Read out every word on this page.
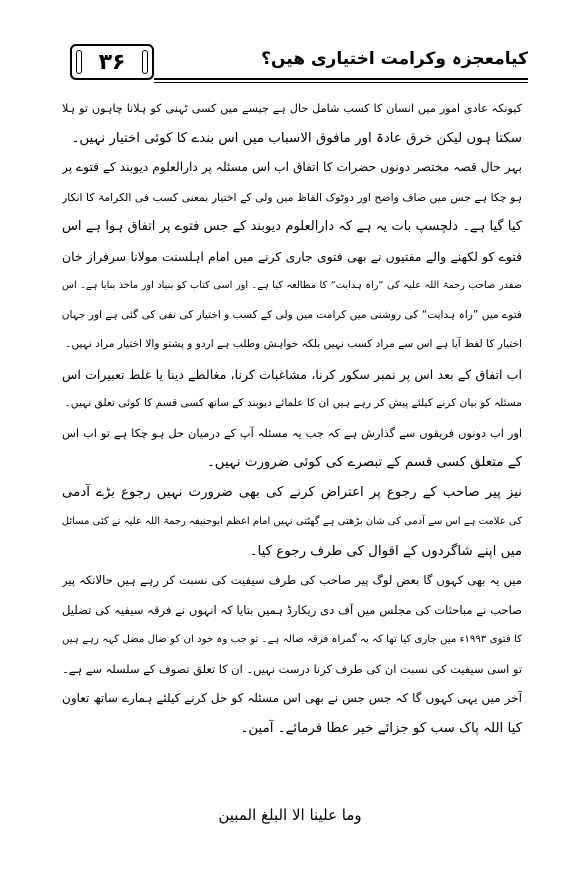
۳۶	کیامعجزہ وکرامت اختیاری ھیں؟
کیونکہ عادی امور میں انسان کا کسب شامل حال ہے جیسے میں کسی ٹہنی کو ہلانا چاہوں تو ہلا
سکتا ہوں لیکن خرق عادۃ اور مافوق الاسباب میں اس بندے کا کوئی اختیار نہیں۔
بہر حال قصہ مختصر دونوں حضرات کا اتفاق اب اس مسئلہ پر دارالعلوم دیوبند کے فتوے پر
ہو چکا ہے جس میں صاف واضح اور دوٹوک الفاظ میں ولی کے اختیار بمعنی کسب فی الکرامۃ کا انکار
کیا گیا ہے۔ دلچسپ بات یہ ہے کہ دارالعلوم دیوبند کے جس فتوے پر اتفاق ہوا ہے اس
فتوے کو لکھنے والے مفتیوں نے بھی فتوی جاری کرنے میں امام اہلسنت مولانا سرفراز خان
صفدر صاحب رحمۃ اللہ علیہ کی ”راہ ہدایت“ کا مطالعہ کیا ہے۔ اور اسی کتاب کو بنیاد اور ماخذ بنایا ہے۔ اس
فتوے میں ”راہ ہدایت“ کی روشنی میں کرامت میں ولی کے کسب و اختیار کی نفی کی گئی ہے اور جہاں
اختیار کا لفظ آیا ہے اس سے مراد کسب نہیں بلکہ خواہش وطلب ہے اردو و پشتو والا اختیار مراد نہیں۔
اب اتفاق کے بعد اس پر نمبر سکور کرنا، مشاغبات کرنا، مغالطے دینا یا غلط تعبیرات اس
مسئلہ کو بیان کرنے کیلئے پیش کر رہے ہیں ان کا علمائے دیوبند کے ساتھ کسی قسم کا کوئی تعلق نہیں۔
اور اب دونوں فریقوں سے گذارش ہے کہ جب یہ مسئلہ آپ کے درمیان حل ہو چکا ہے تو اب اس
کے متعلق کسی قسم کے تبصرے کی کوئی ضرورت نہیں۔
نیز پیر صاحب کے رجوع پر اعتراض کرنے کی بھی ضرورت نہیں رجوع بڑے آدمی
کی علامت ہے اس سے آدمی کی شان بڑھتی ہے گھٹتی نہیں امام اعظم ابوحنیفہ رحمۃ اللہ علیہ نے کئی مسائل
میں اپنے شاگردوں کے اقوال کی طرف رجوع کیا۔
میں یہ بھی کہوں گا بعض لوگ پیر صاحب کی طرف سیفیت کی نسبت کر رہے ہیں حالانکہ پیر
صاحب نے مباحثات کی مجلس میں آف دی ریکارڈ ہمیں بتایا کہ انہوں نے فرقہ سیفیہ کی تضلیل
کا فتوی ۱۹۹۳ء میں جاری کیا تھا کہ یہ گمراہ فرقہ ضالہ ہے۔ تو جب وہ خود ان کو ضال مضل کہہ رہے ہیں
تو اسی سیفیت کی نسبت ان کی طرف کرنا درست نہیں۔ ان کا تعلق تصوف کے سلسلہ سے ہے۔
آخر میں یہی کہوں گا کہ جس جس نے بھی اس مسئلہ کو حل کرنے کیلئے ہمارے ساتھ تعاون
کیا اللہ پاک سب کو جزائے خیر عطا فرمائے۔ آمین۔
وما علینا الا البلغ المبین
